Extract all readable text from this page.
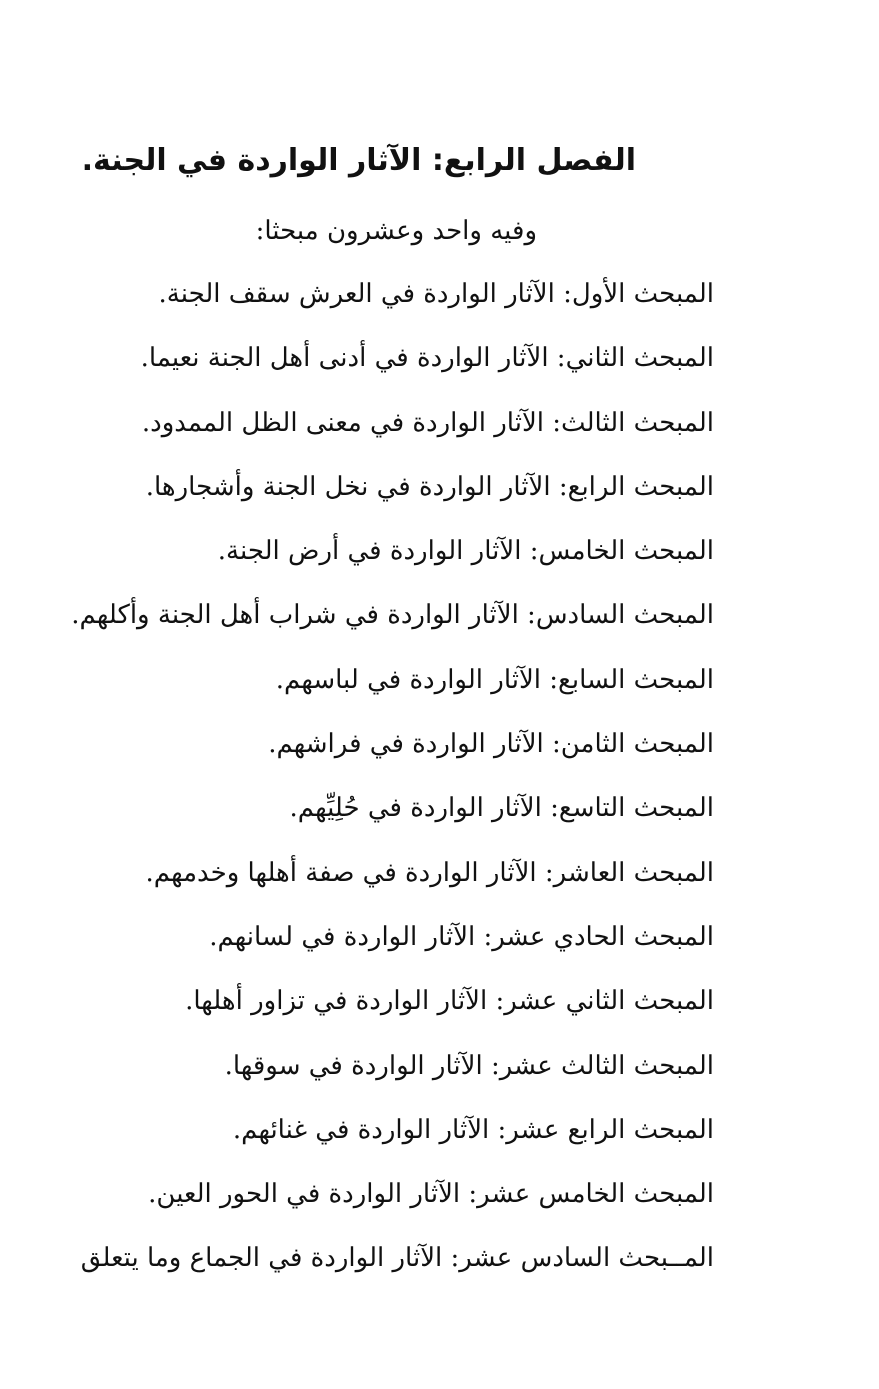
الفصل الرابع: الآثار الواردة في الجنة.
وفيه واحد وعشرون مبحثا:
المبحث الأول: الآثار الواردة في العرش سقف الجنة.
المبحث الثاني: الآثار الواردة في أدنى أهل الجنة نعيما.
المبحث الثالث: الآثار الواردة في معنى الظل الممدود.
المبحث الرابع: الآثار الواردة في نخل الجنة وأشجارها.
المبحث الخامس: الآثار الواردة في أرض الجنة.
المبحث السادس: الآثار الواردة في شراب أهل الجنة وأكلهم.
المبحث السابع: الآثار الواردة في لباسهم.
المبحث الثامن: الآثار الواردة في فراشهم.
المبحث التاسع: الآثار الواردة في حُلِيِّهم.
المبحث العاشر: الآثار الواردة في صفة أهلها وخدمهم.
المبحث الحادي عشر: الآثار الواردة في لسانهم.
المبحث الثاني عشر: الآثار الواردة في تزاور أهلها.
المبحث الثالث عشر: الآثار الواردة في سوقها.
المبحث الرابع عشر: الآثار الواردة في غنائهم.
المبحث الخامس عشر: الآثار الواردة في الحور العين.
المــبحث السادس عشر: الآثار الواردة في الجماع وما يتعلق
